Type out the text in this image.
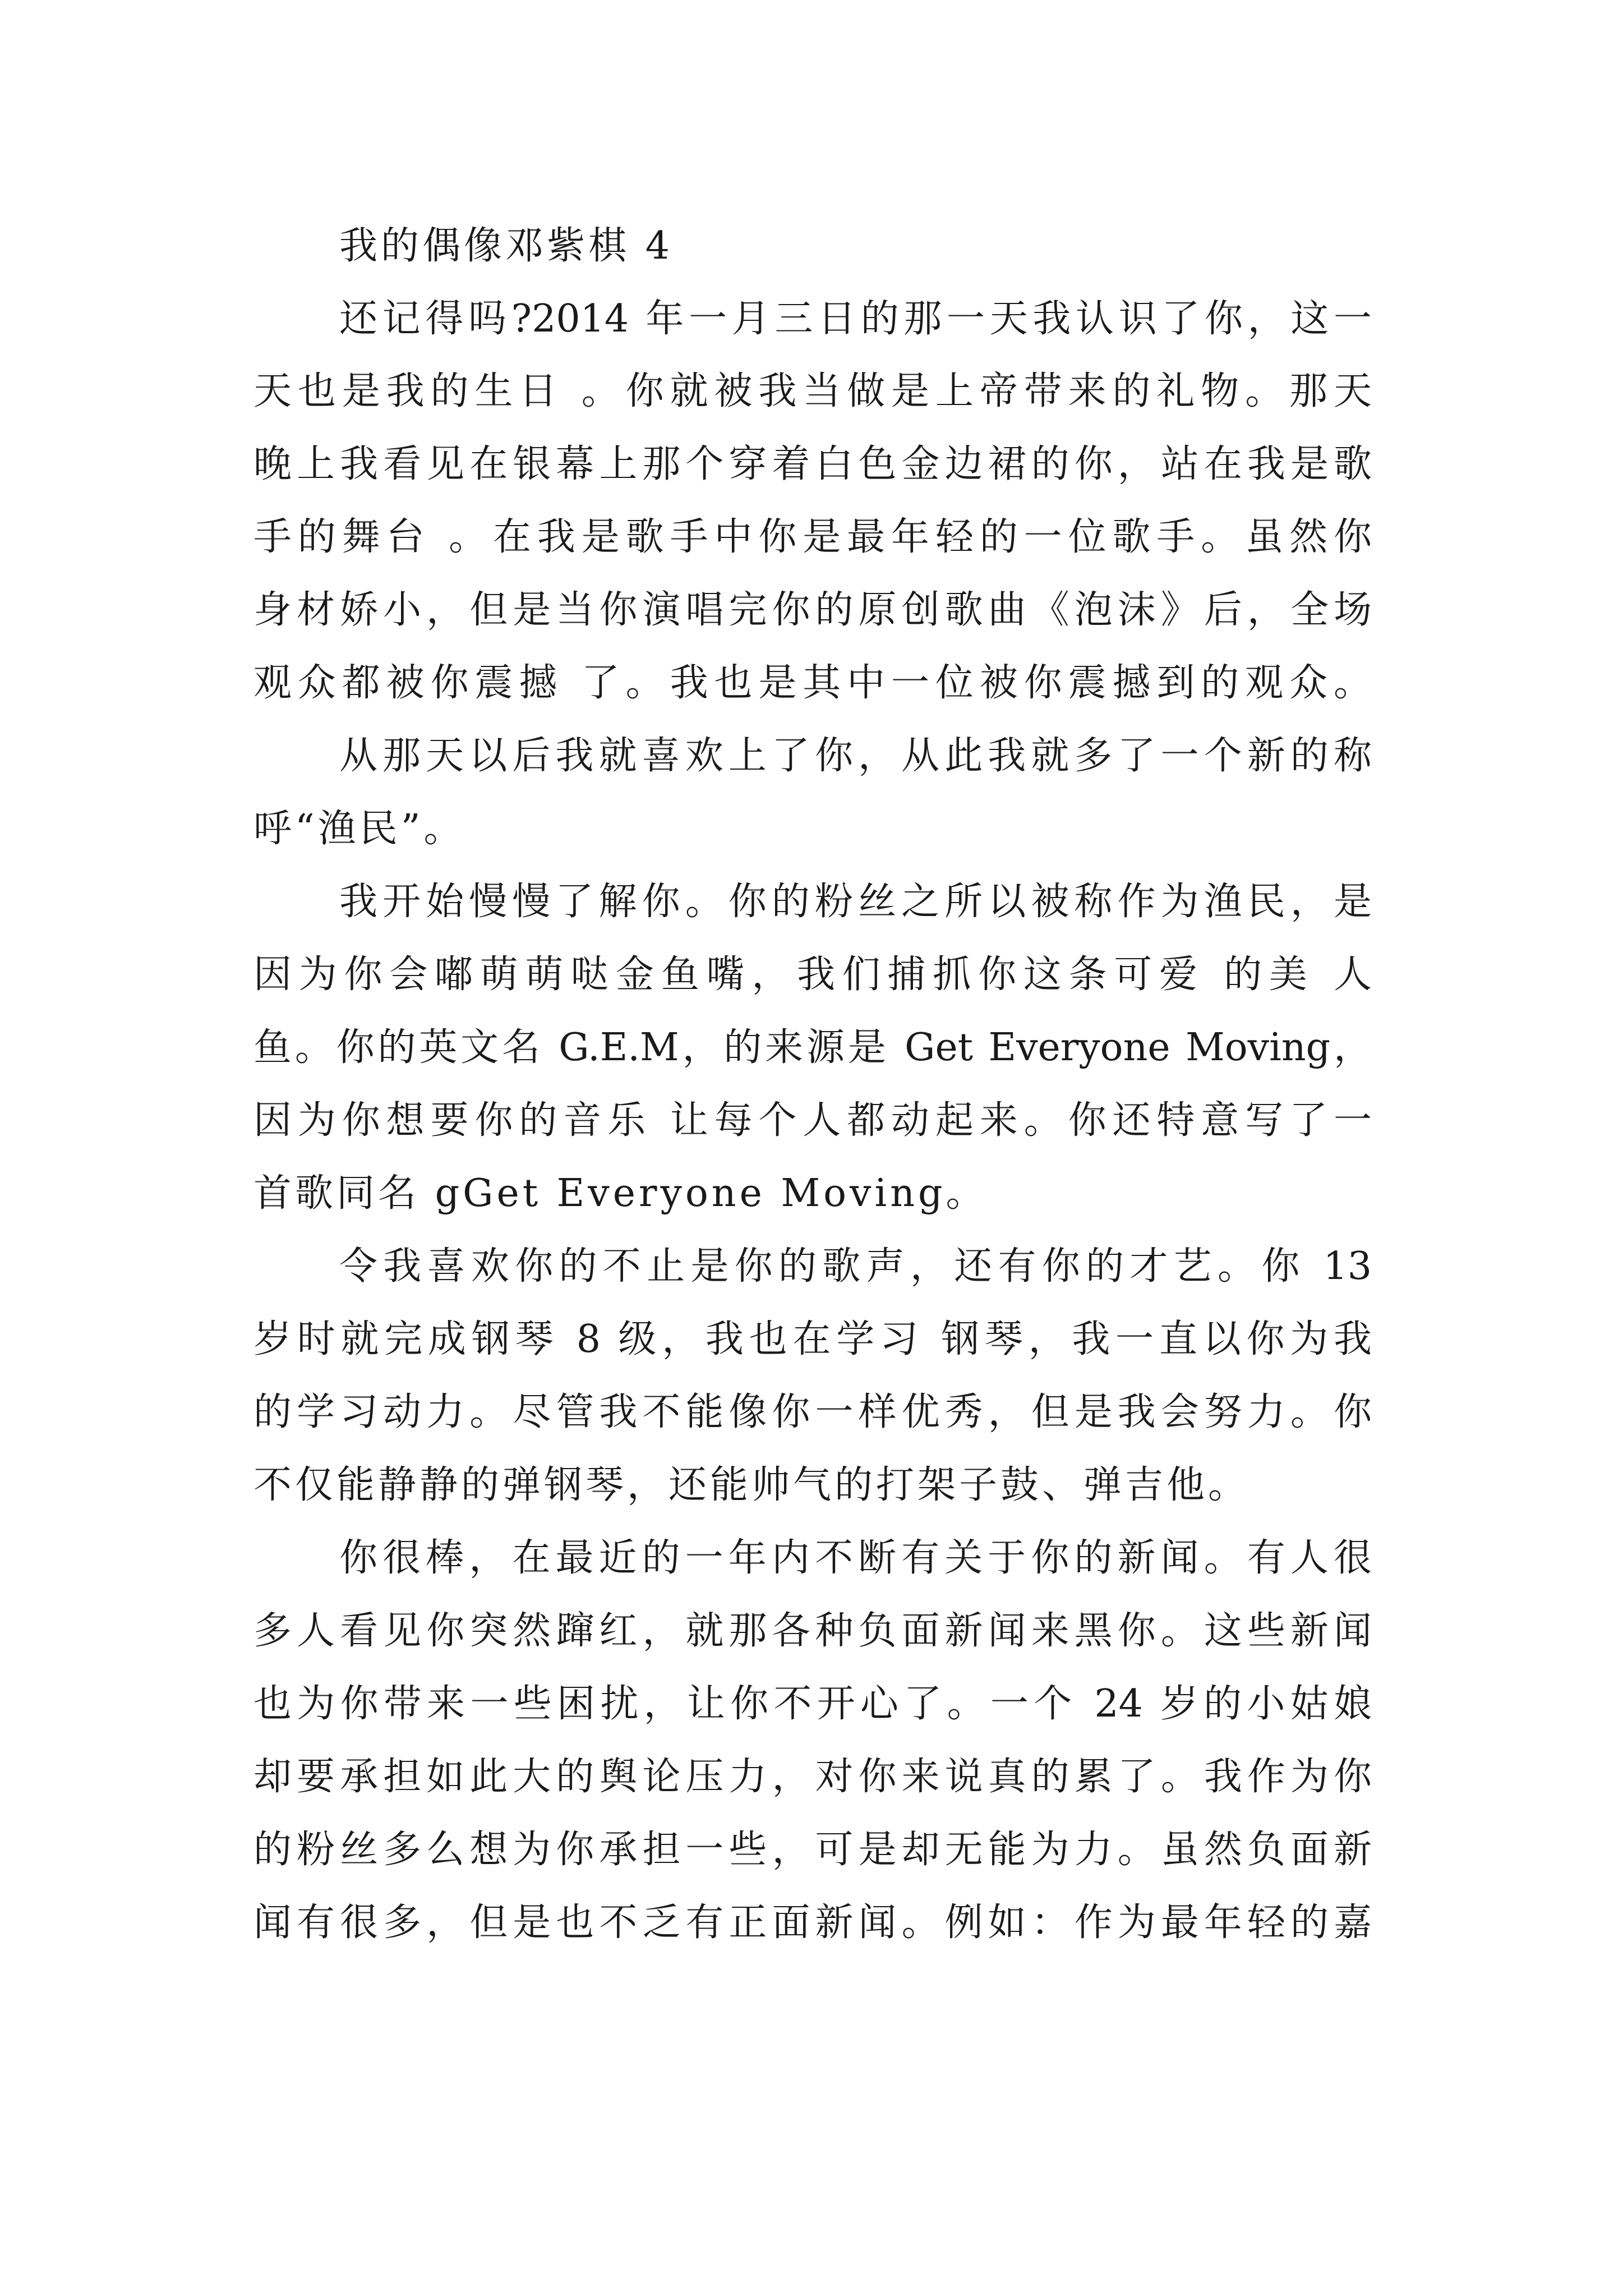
我的偶像邓紫棋 4
还记得吗?2014 年一月三日的那一天我认识了你，这一
天也是我的生日 。你就被我当做是上帝带来的礼物。那天
晚上我看见在银幕上那个穿着白色金边裙的你，站在我是歌
手的舞台 。在我是歌手中你是最年轻的一位歌手。虽然你
身材娇小，但是当你演唱完你的原创歌曲《泡沫》后，全场
观众都被你震撼 了。我也是其中一位被你震撼到的观众。
从那天以后我就喜欢上了你，从此我就多了一个新的称
呼“渔民”。
我开始慢慢了解你。你的粉丝之所以被称作为渔民，是
因为你会嘟萌萌哒金鱼嘴，我们捕抓你这条可爱 的美 人
鱼。你的英文名 G.E.M，的来源是 Get Everyone Moving，
因为你想要你的音乐 让每个人都动起来。你还特意写了一
首歌同名 gGet Everyone Moving。
令我喜欢你的不止是你的歌声，还有你的才艺。你 13
岁时就完成钢琴 8 级，我也在学习 钢琴，我一直以你为我
的学习动力。尽管我不能像你一样优秀，但是我会努力。你
不仅能静静的弹钢琴，还能帅气的打架子鼓、弹吉他。
你很棒，在最近的一年内不断有关于你的新闻。有人很
多人看见你突然蹿红，就那各种负面新闻来黑你。这些新闻
也为你带来一些困扰，让你不开心了。一个 24 岁的小姑娘
却要承担如此大的舆论压力，对你来说真的累了。我作为你
的粉丝多么想为你承担一些，可是却无能为力。虽然负面新
闻有很多，但是也不乏有正面新闻。例如：作为最年轻的嘉
